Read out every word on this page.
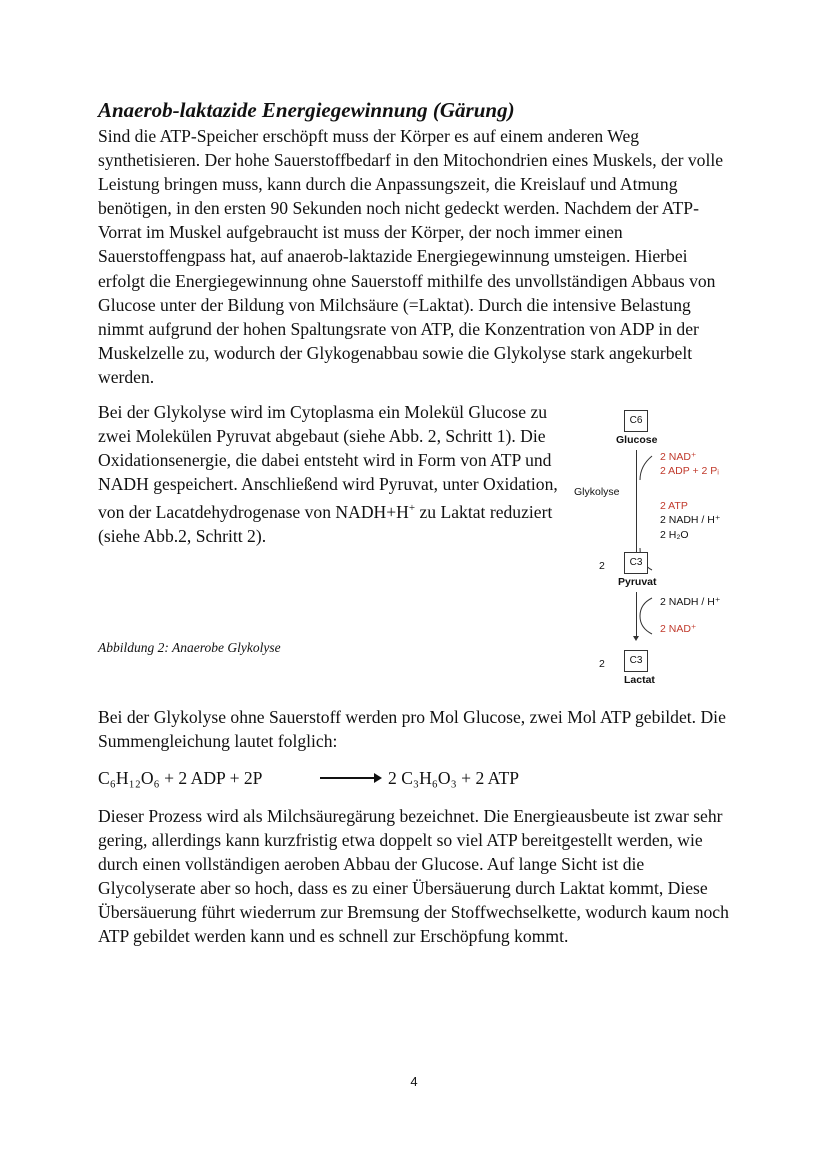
Anaerob-laktazide Energiegewinnung (Gärung)

Sind die ATP-Speicher erschöpft muss der Körper es auf einem anderen Weg synthetisieren. Der hohe Sauerstoffbedarf in den Mitochondrien eines Muskels, der volle Leistung bringen muss, kann durch die Anpassungszeit, die Kreislauf und Atmung benötigen, in den ersten 90 Sekunden noch nicht gedeckt werden. Nachdem der ATP-Vorrat im Muskel aufgebraucht ist muss der Körper, der noch immer einen Sauerstoffengpass hat, auf anaerob-laktazide Energiegewinnung umsteigen. Hierbei erfolgt die Energiegewinnung ohne Sauerstoff mithilfe des unvollständigen Abbaus von Glucose unter der Bildung von Milchsäure (=Laktat). Durch die intensive Belastung nimmt aufgrund der hohen Spaltungsrate von ATP, die Konzentration von ADP in der Muskelzelle zu, wodurch der Glykogenabbau sowie die Glykolyse stark angekurbelt werden.

Bei der Glykolyse wird im Cytoplasma ein Molekül Glucose zu zwei Molekülen Pyruvat abgebaut (siehe Abb. 2, Schritt 1). Die Oxidationsenergie, die dabei entsteht wird in Form von ATP und NADH gespeichert. Anschließend wird Pyruvat, unter Oxidation, von der Lacatdehydrogenase von NADH+H+ zu Laktat reduziert (siehe Abb.2, Schritt 2).

Abbildung 2: Anaerobe Glykolyse

C6
Glucose
Glykolyse
2 NAD⁺
2 ADP + 2 Pᵢ
2 ATP
2 NADH / H⁺
2 H₂O
2	C3
Pyruvat
2 NADH / H⁺
2 NAD⁺
2	C3
Lactat

Bei der Glykolyse ohne Sauerstoff werden pro Mol Glucose, zwei Mol ATP gebildet. Die Summengleichung lautet folglich:

C₆H₁₂O₆ + 2 ADP + 2P	2 C₃H₆O₃ + 2 ATP

Dieser Prozess wird als Milchsäuregärung bezeichnet. Die Energieausbeute ist zwar sehr gering, allerdings kann kurzfristig etwa doppelt so viel ATP bereitgestellt werden, wie durch einen vollständigen aeroben Abbau der Glucose. Auf lange Sicht ist die Glycolyserate aber so hoch, dass es zu einer Übersäuerung durch Laktat kommt, Diese Übersäuerung führt wiederrum zur Bremsung der Stoffwechselkette, wodurch kaum noch ATP gebildet werden kann und es schnell zur Erschöpfung kommt.

4
